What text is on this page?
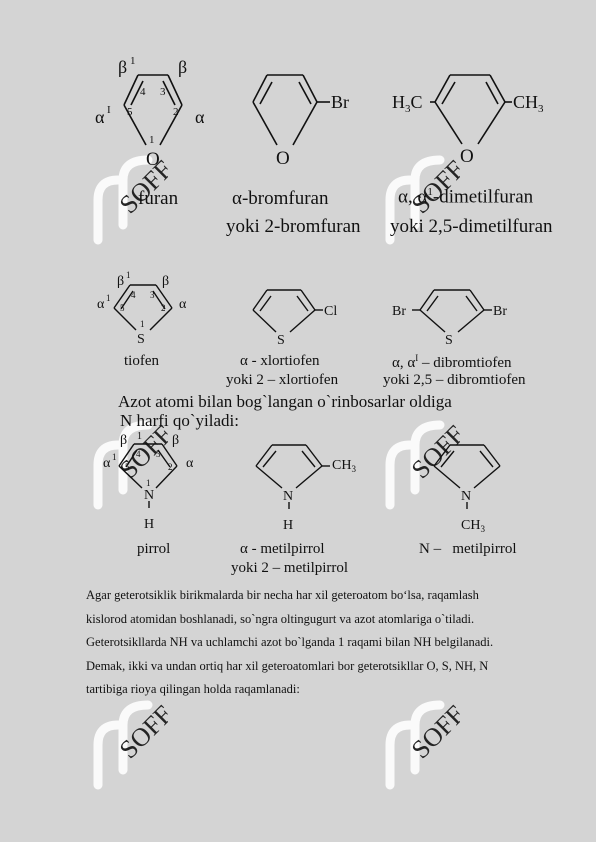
SOFF	SOFF
SOFF	SOFF
SOFF	SOFF
β 1 β
α I	α
4 3
5	2
1
O
furan
O
Br
α-bromfuran
yoki 2-bromfuran
$H_3C$	$CH_3$
O
α, $\alpha^1$-dimetilfuran
yoki 2,5-dimetilfuran
β 1 β
α 1	α
4 3
5	2
1
S
tiofen
S
Cl
α - xlortiofen
yoki 2 – xlortiofen
Br	Br
S
α, $\alpha^I$ – dibromtiofen
yoki 2,5 – dibromtiofen
Azot atomi bilan bog`langan o`rinbosarlar oldiga
N harfi qo`yiladi:
β 1 β
α 1	α
4 3
5	2
1
N
H
pirrol
$CH_3$
N
H
α - metilpirrol
yoki 2 – metilpirrol
N
$CH_3$
N – metilpirrol

Agar geterotsiklik birikmalarda bir necha har xil geteroatom bo‘lsa, raqamlash

kislorod atomidan boshlanadi, so`ngra oltingugurt va azot atomlariga o`tiladi.

Geterotsikllarda NH va uchlamchi azot bo`lganda 1 raqami bilan NH belgilanadi.

Demak, ikki va undan ortiq har xil geteroatomlari bor geterotsikllar O, S, NH, N

tartibiga rioya qilingan holda raqamlanadi:
